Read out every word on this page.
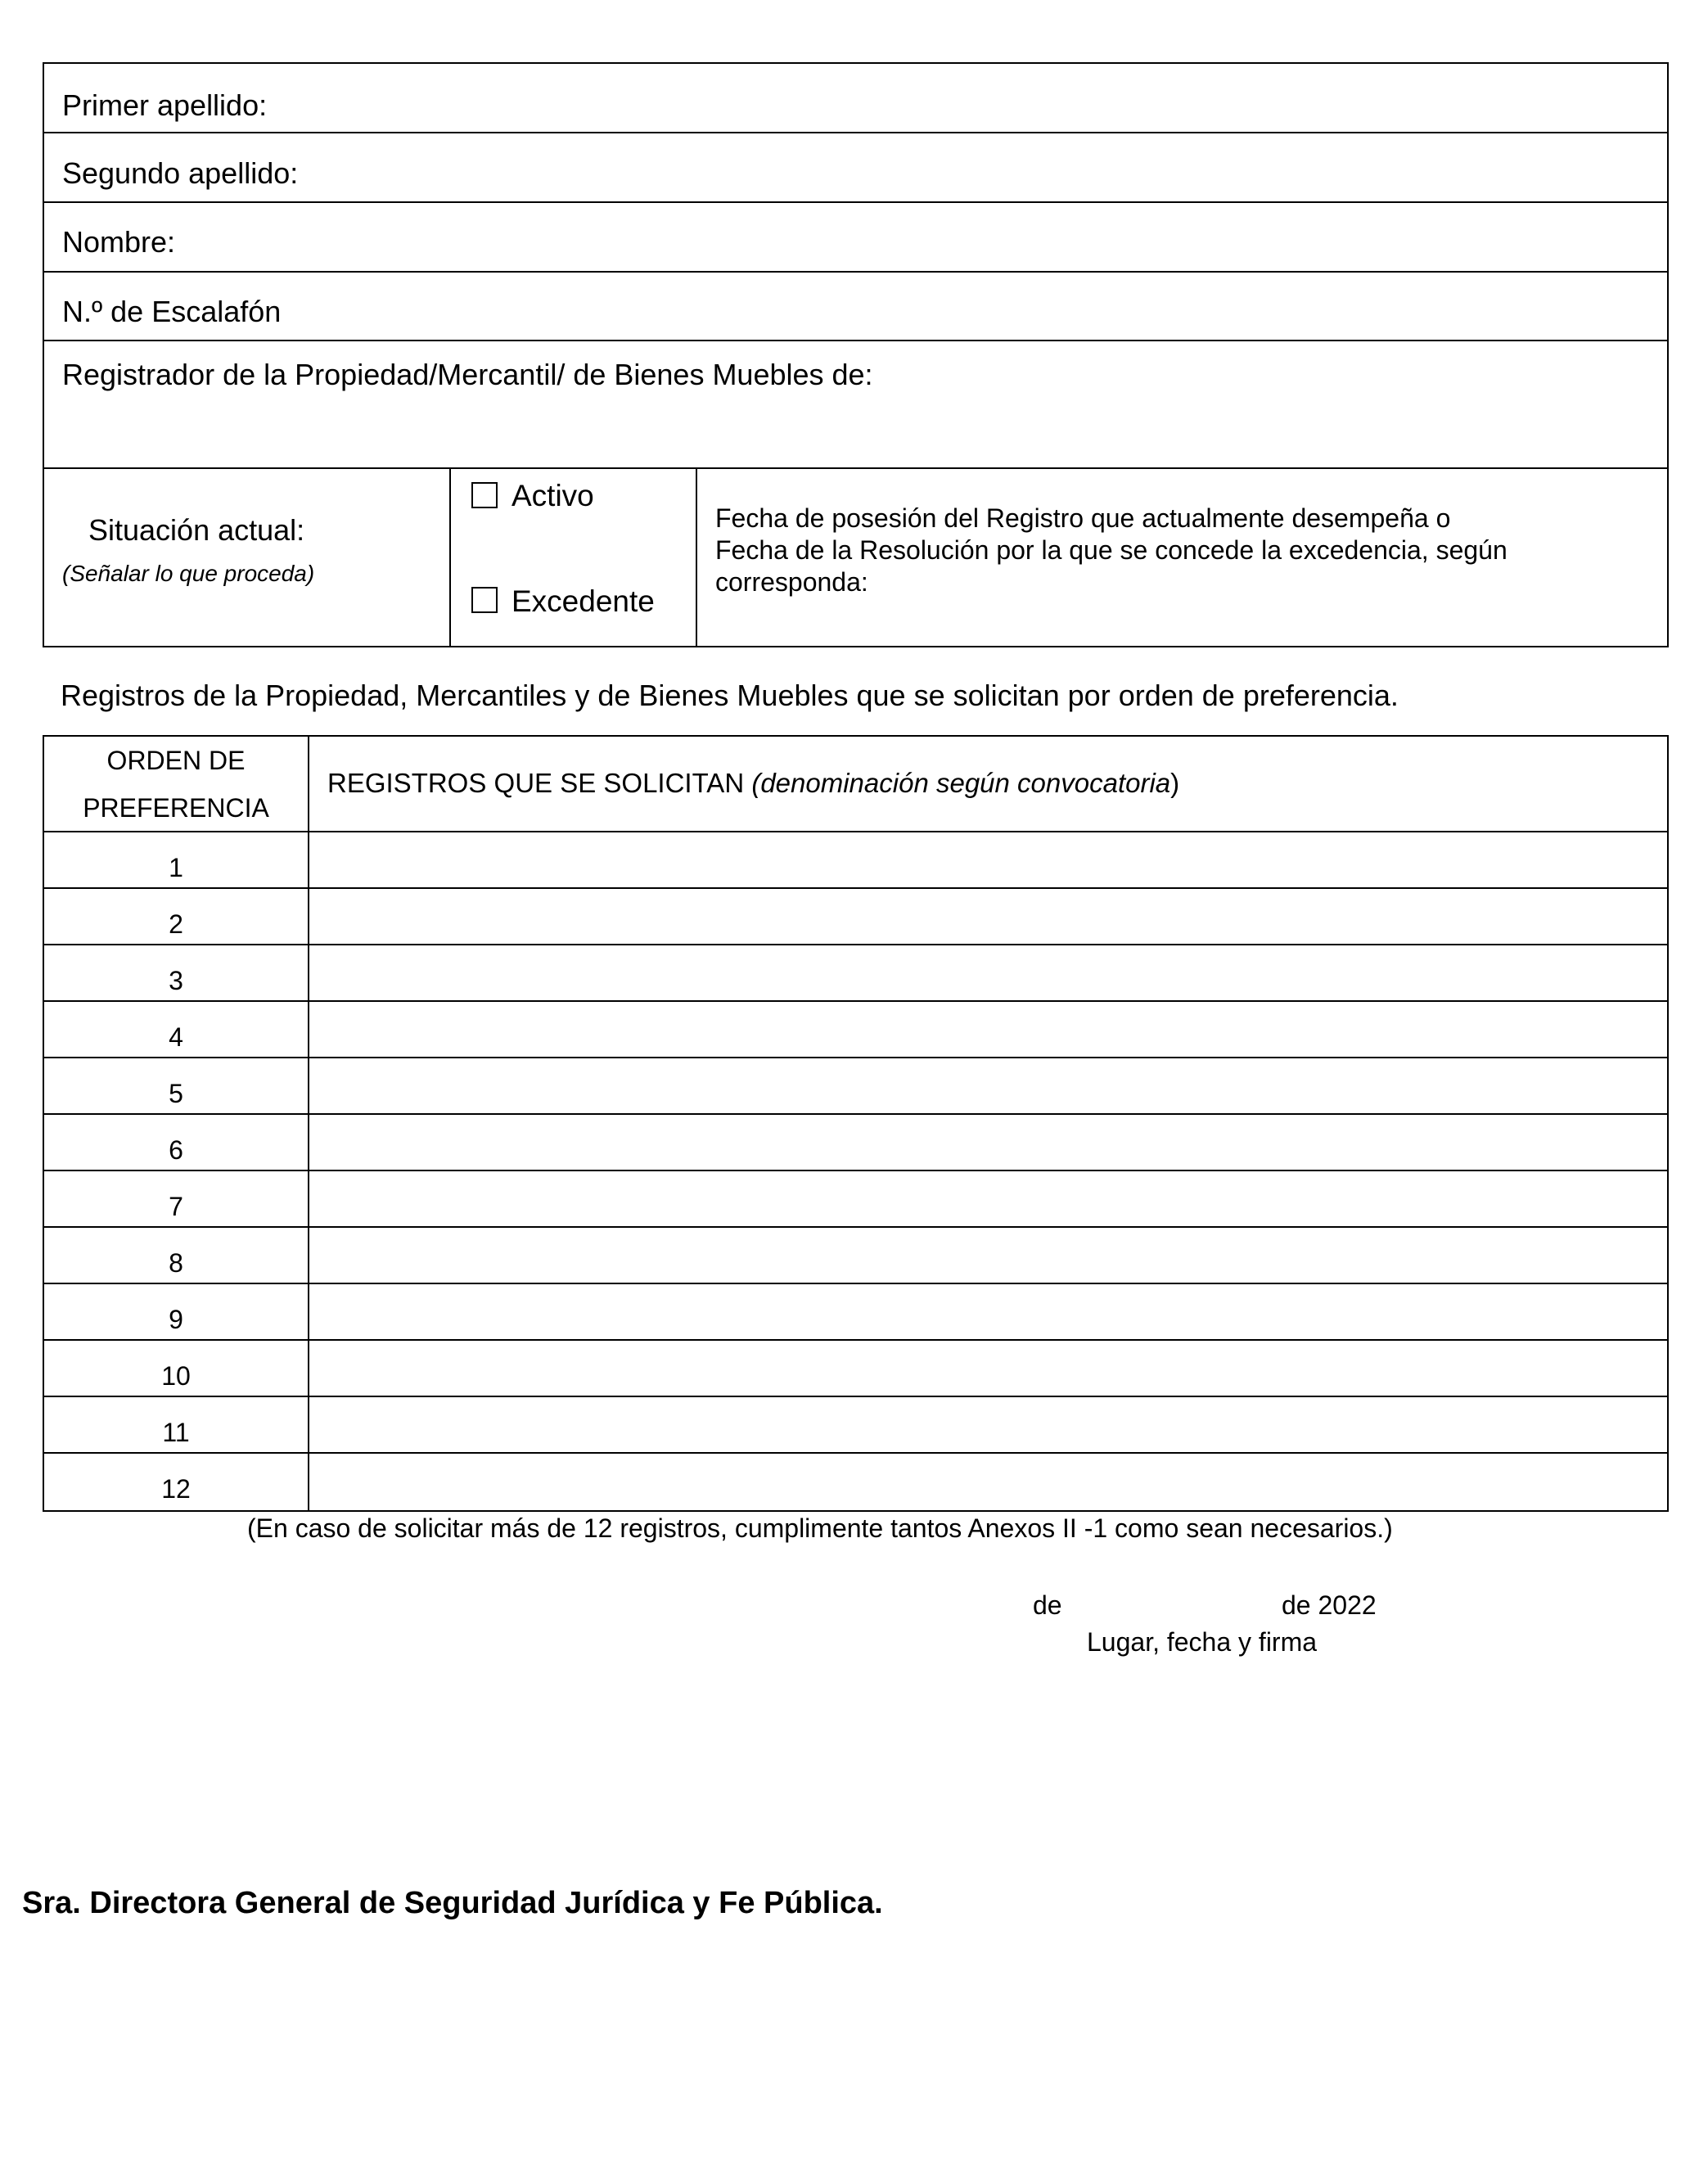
Primer apellido:
Segundo apellido:
Nombre:
N.º de Escalafón
Registrador de la Propiedad/Mercantil/ de Bienes Muebles de:
Situación actual:
(Señalar lo que proceda)
Activo
Excedente
Fecha de posesión del Registro que actualmente desempeña o
Fecha de la Resolución por la que se concede la excedencia, según
corresponda:
Registros de la Propiedad, Mercantiles y de Bienes Muebles que se solicitan por orden de preferencia.
ORDEN DE
PREFERENCIA
REGISTROS QUE SE SOLICITAN (denominación según convocatoria)
1
2
3
4
5
6
7
8
9
10
11
12
(En caso de solicitar más de 12 registros, cumplimente tantos Anexos II -1 como sean necesarios.)
de	de 2022
Lugar, fecha y firma
Sra. Directora General de Seguridad Jurídica y Fe Pública.
